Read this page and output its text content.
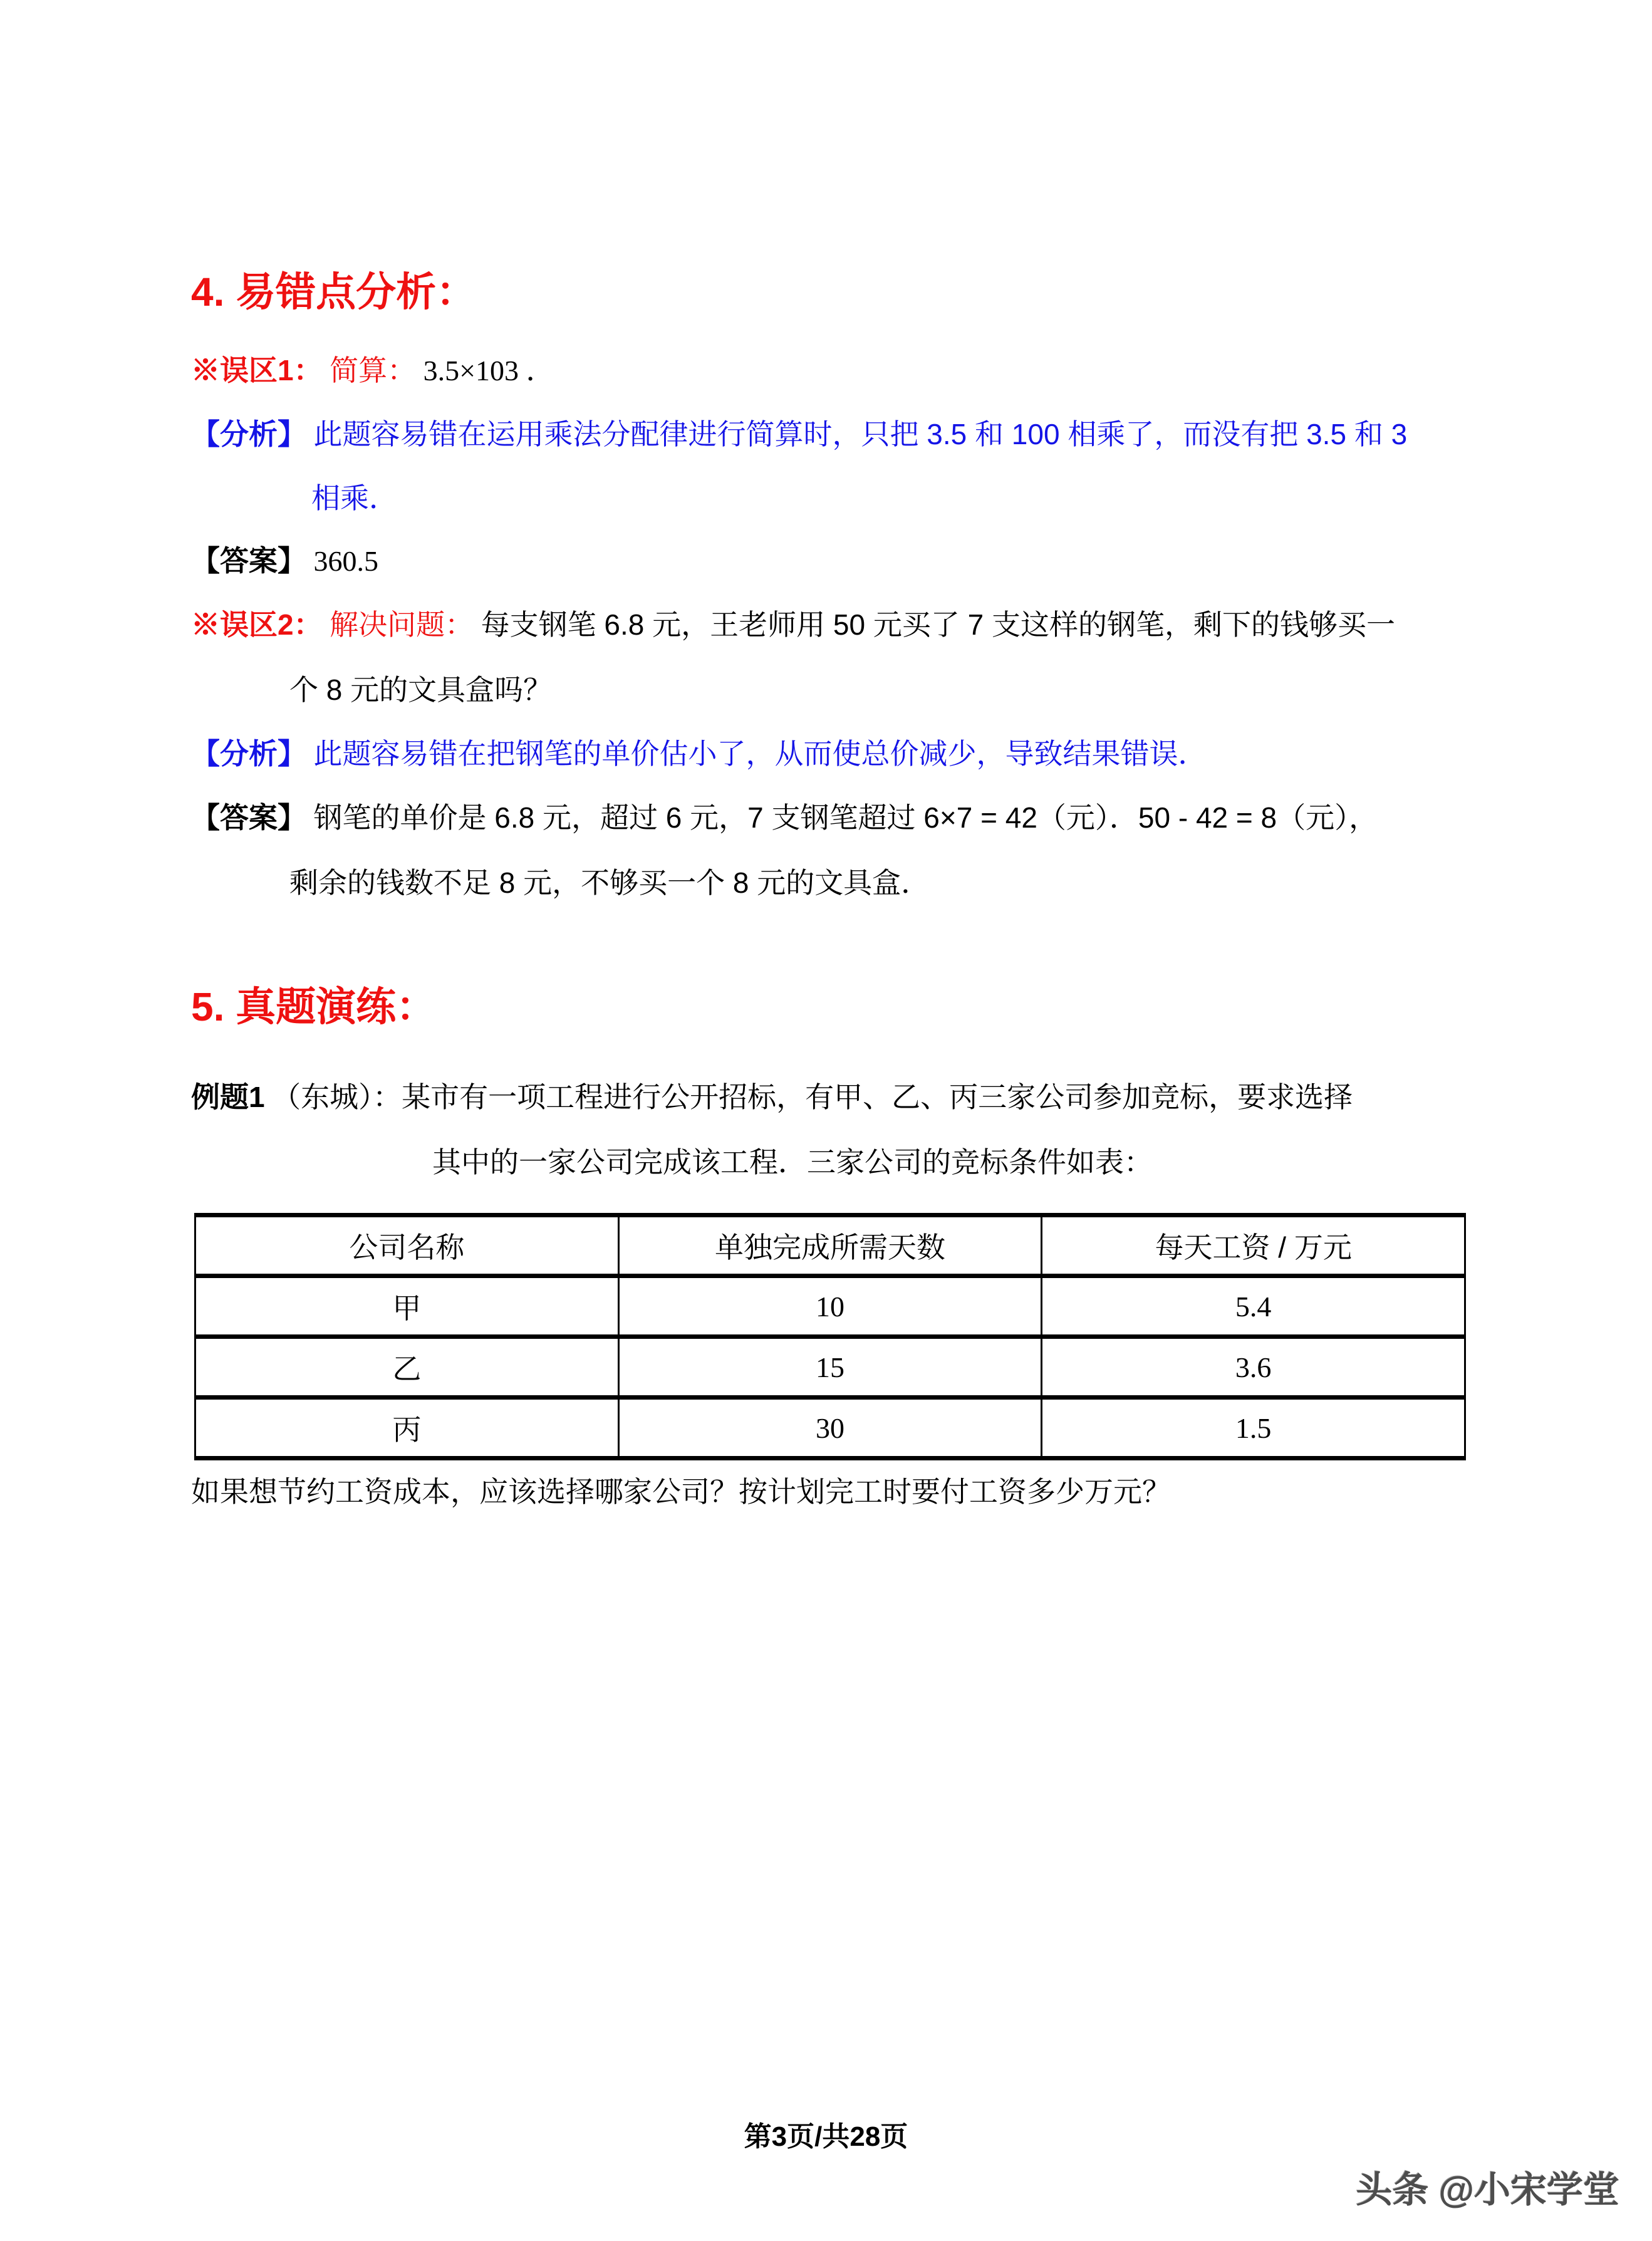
4. 易错点分析：
※误区1： 简算： 3.5×103 ．
【分析】 此题容易错在运用乘法分配律进行简算时，只把 3.5 和 100 相乘了，而没有把 3.5 和 3
相乘．
【答案】 360.5
※误区2： 解决问题： 每支钢笔 6.8 元，王老师用 50 元买了 7 支这样的钢笔，剩下的钱够买一
个 8 元的文具盒吗？
【分析】 此题容易错在把钢笔的单价估小了，从而使总价减少，导致结果错误．
【答案】 钢笔的单价是 6.8 元，超过 6 元，7 支钢笔超过 6×7 = 42（元）．50 - 42 = 8（元），
剩余的钱数不足 8 元，不够买一个 8 元的文具盒．
5. 真题演练：
例题1 （东城）：某市有一项工程进行公开招标，有甲、乙、丙三家公司参加竞标，要求选择
其中的一家公司完成该工程．三家公司的竞标条件如表：
公司名称	单独完成所需天数	每天工资 / 万元
甲	10	5.4
乙	15	3.6
丙	30	1.5
如果想节约工资成本，应该选择哪家公司？按计划完工时要付工资多少万元？
第3页/共28页
头条 @小宋学堂
